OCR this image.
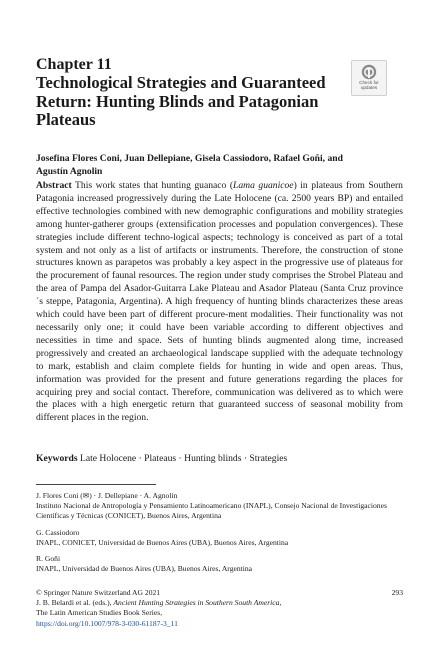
Chapter 11
Technological Strategies and Guaranteed Return: Hunting Blinds and Patagonian Plateaus
Check for
updates
Josefina Flores Coni, Juan Dellepiane, Gisela Cassiodoro, Rafael Goñi, and Agustín Agnolin
Abstract This work states that hunting guanaco (Lama guanicoe) in plateaus from Southern Patagonia increased progressively during the Late Holocene (ca. 2500 years BP) and entailed effective technologies combined with new demographic configurations and mobility strategies among hunter-gatherer groups (extensification processes and population convergences). These strategies include different techno-logical aspects; technology is conceived as part of a total system and not only as a list of artifacts or instruments. Therefore, the construction of stone structures known as parapetos was probably a key aspect in the progressive use of plateaus for the procurement of faunal resources. The region under study comprises the Strobel Plateau and the area of Pampa del Asador-Guitarra Lake Plateau and Asador Plateau (Santa Cruz province´s steppe, Patagonia, Argentina). A high frequency of hunting blinds characterizes these areas which could have been part of different procure-ment modalities. Their functionality was not necessarily only one; it could have been variable according to different objectives and necessities in time and space. Sets of hunting blinds augmented along time, increased progressively and created an archaeological landscape supplied with the adequate technology to mark, establish and claim complete fields for hunting in wide and open areas. Thus, information was provided for the present and future generations regarding the places for acquiring prey and social contact. Therefore, communication was delivered as to which were the places with a high energetic return that guaranteed success of seasonal mobility from different places in the region.
Keywords Late Holocene · Plateaus · Hunting blinds · Strategies
J. Flores Coni (✉) · J. Dellepiane · A. Agnolin
Instituto Nacional de Antropología y Pensamiento Latinoamericano (INAPL), Consejo Nacional de Investigaciones Científicas y Técnicas (CONICET), Buenos Aires, Argentina
G. Cassiodoro
INAPL, CONICET, Universidad de Buenos Aires (UBA), Buenos Aires, Argentina
R. Goñi
INAPL, Universidad de Buenos Aires (UBA), Buenos Aires, Argentina
© Springer Nature Switzerland AG 2021	293
J. B. Belardi et al. (eds.), Ancient Hunting Strategies in Southern South America,
The Latin American Studies Book Series,
https://doi.org/10.1007/978-3-030-61187-3_11
